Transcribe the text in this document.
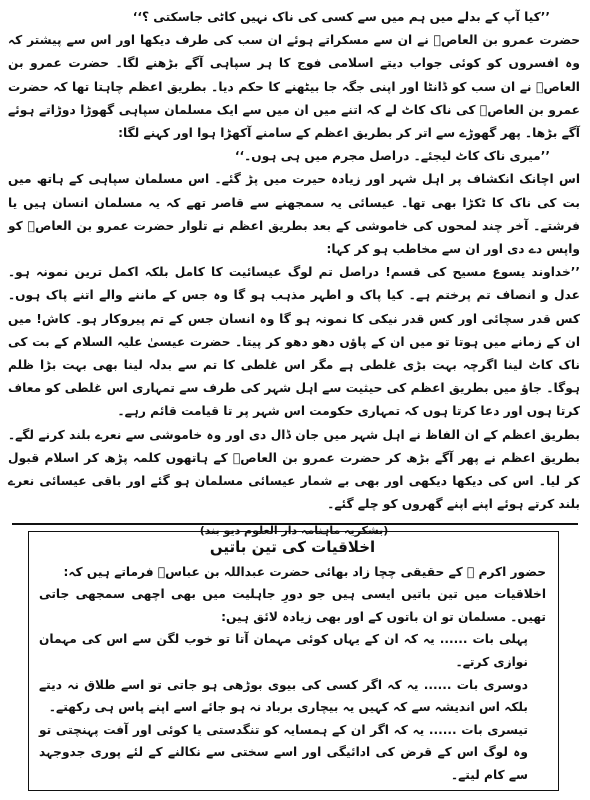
’’کیا آپ کے بدلے میں ہم میں سے کسی کی ناک نہیں کاٹی جاسکتی ؟‘‘

حضرت عمرو بن العاصؓ نے ان سے مسکراتے ہوئے ان سب کی طرف دیکھا اور اس سے پیشتر کہ وہ افسروں کو کوئی جواب دیتے اسلامی فوج کا ہر سپاہی آگے بڑھنے لگا۔ حضرت عمرو بن العاصؓ نے ان سب کو ڈانٹا اور اپنی جگہ جا بیٹھنے کا حکم دیا۔ بطریق اعظم چاہتا تھا کہ حضرت عمرو بن العاصؓ کی ناک کاٹ لے کہ اتنے میں ان میں سے ایک مسلمان سپاہی گھوڑا دوڑاتے ہوئے آگے بڑھا۔ پھر گھوڑے سے اتر کر بطریق اعظم کے سامنے آکھڑا ہوا اور کہنے لگا:

’’میری ناک کاٹ لیجئے۔ دراصل مجرم میں ہی ہوں۔‘‘

اس اچانک انکشاف پر اہل شہر اور زیادہ حیرت میں پڑ گئے۔ اس مسلمان سپاہی کے ہاتھ میں بت کی ناک کا ٹکڑا بھی تھا۔ عیسائی یہ سمجھنے سے قاصر تھے کہ یہ مسلمان انسان ہیں یا فرشتے۔ آخر چند لمحوں کی خاموشی کے بعد بطریق اعظم نے تلوار حضرت عمرو بن العاصؓ کو واپس دے دی اور ان سے مخاطب ہو کر کہا:

’’خداوند یسوع مسیح کی قسم! دراصل تم لوگ عیسائیت کا کامل بلکہ اکمل ترین نمونہ ہو۔ عدل و انصاف تم پرختم ہے۔ کیا پاک و اطہر مذہب ہو گا وہ جس کے ماننے والے اتنے پاک ہوں۔ کس قدر سچائی اور کس قدر نیکی کا نمونہ ہو گا وہ انسان جس کے تم پیروکار ہو۔ کاش! میں ان کے زمانے میں ہوتا تو میں ان کے پاؤں دھو دھو کر پیتا۔ حضرت عیسیٰ علیہ السلام کے بت کی ناک کاٹ لینا اگرچہ بہت بڑی غلطی ہے مگر اس غلطی کا تم سے بدلہ لینا بھی بہت بڑا ظلم ہوگا۔ جاؤ میں بطریق اعظم کی حیثیت سے اہل شہر کی طرف سے تمہاری اس غلطی کو معاف کرتا ہوں اور دعا کرتا ہوں کہ تمہاری حکومت اس شہر پر تا قیامت قائم رہے۔

بطریق اعظم کے ان الفاظ نے اہل شہر میں جان ڈال دی اور وہ خاموشی سے نعرے بلند کرنے لگے۔ بطریق اعظم نے پھر آگے بڑھ کر حضرت عمرو بن العاصؓ کے ہاتھوں کلمہ پڑھ کر اسلام قبول کر لیا۔ اس کی دیکھا دیکھی اور بھی بے شمار عیسائی مسلمان ہو گئے اور باقی عیسائی نعرے بلند کرتے ہوئے اپنے اپنے گھروں کو چلے گئے۔

(بشکریہ ماہنامہ دار العلوم دیو بند)

اخلاقیات کی تین باتیں

حضور اکرم ﷺ کے حقیقی چچا زاد بھائی حضرت عبداللہ بن عباسؓ فرماتے ہیں کہ:

اخلاقیات میں تین باتیں ایسی ہیں جو دورِ جاہلیت میں بھی اچھی سمجھی جاتی تھیں۔ مسلمان تو ان باتوں کے اور بھی زیادہ لائق ہیں:

پہلی بات ...... یہ کہ ان کے یہاں کوئی مہمان آتا تو خوب لگن سے اس کی مہمان نوازی کرتے۔

دوسری بات ...... یہ کہ اگر کسی کی بیوی بوڑھی ہو جاتی تو اسے طلاق نہ دیتے بلکہ اس اندیشہ سے کہ کہیں یہ بیچاری برباد نہ ہو جائے اسے اپنے پاس ہی رکھتے۔

تیسری بات ...... یہ کہ اگر ان کے ہمسایہ کو تنگدستی یا کوئی اور آفت پہنچتی تو وہ لوگ اس کے قرض کی ادائیگی اور اسے سختی سے نکالنے کے لئے پوری جدوجہد سے کام لیتے۔
